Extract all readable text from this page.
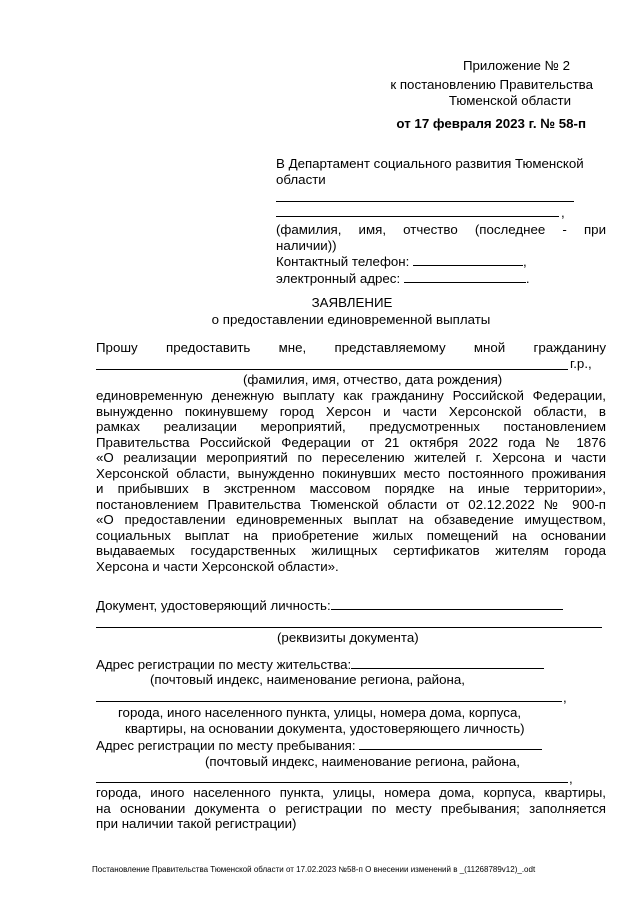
Приложение № 2
к постановлению Правительства
Тюменской области
от 17 февраля 2023 г. № 58-п
В Департамент социального развития Тюменской
области
,
(фамилия, имя, отчество (последнее - при
наличии))
Контактный телефон:	,
электронный адрес:	.
ЗАЯВЛЕНИЕ
о предоставлении единовременной выплаты
Прошу предоставить мне, представляемому мной гражданину
г.р.,
(фамилия, имя, отчество, дата рождения)
единовременную денежную выплату как гражданину Российской Федерации,
вынужденно покинувшему город Херсон и части Херсонской области, в
рамках реализации мероприятий, предусмотренных постановлением
Правительства Российской Федерации от 21 октября 2022 года № 1876
«О реализации мероприятий по переселению жителей г. Херсона и части
Херсонской области, вынужденно покинувших место постоянного проживания
и прибывших в экстренном массовом порядке на иные территории»,
постановлением Правительства Тюменской области от 02.12.2022 № 900-п
«О предоставлении единовременных выплат на обзаведение имуществом,
социальных выплат на приобретение жилых помещений на основании
выдаваемых государственных жилищных сертификатов жителям города
Херсона и части Херсонской области».
Документ, удостоверяющий личность:
(реквизиты документа)
Адрес регистрации по месту жительства:
(почтовый индекс, наименование региона, района,
,
города, иного населенного пункта, улицы, номера дома, корпуса,
квартиры, на основании документа, удостоверяющего личность)
Адрес регистрации по месту пребывания:
(почтовый индекс, наименование региона, района,
,
города, иного населенного пункта, улицы, номера дома, корпуса, квартиры,
на основании документа о регистрации по месту пребывания; заполняется
при наличии такой регистрации)
Постановление Правительства Тюменской области от 17.02.2023 №58-п О внесении изменений в _(11268789v12)_.odt
